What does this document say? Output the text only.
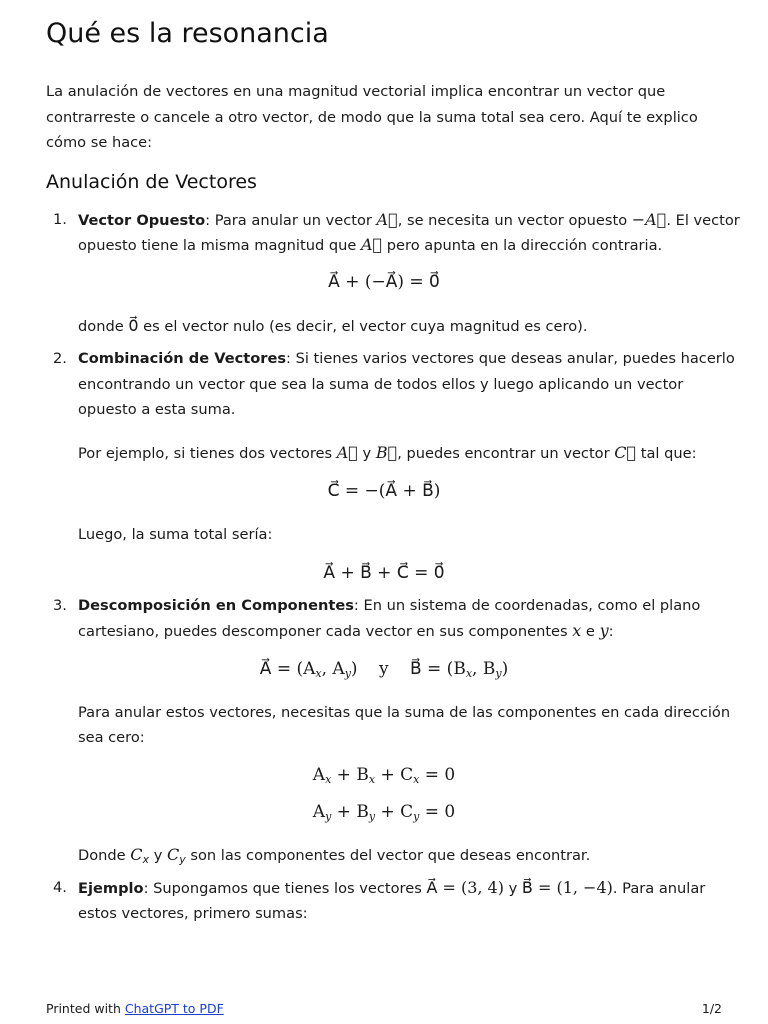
Qué es la resonancia

La anulación de vectores en una magnitud vectorial implica encontrar un vector que contrarreste o cancele a otro vector, de modo que la suma total sea cero. Aquí te explico cómo se hace:

Anulación de Vectores
1. Vector Opuesto: Para anular un vector A⃗, se necesita un vector opuesto −A⃗. El vector
opuesto tiene la misma magnitud que A⃗ pero apunta en la dirección contraria.
A⃗ + (−A⃗) = 0⃗
donde 0⃗ es el vector nulo (es decir, el vector cuya magnitud es cero).
2. Combinación de Vectores: Si tienes varios vectores que deseas anular, puedes hacerlo
encontrando un vector que sea la suma de todos ellos y luego aplicando un vector
opuesto a esta suma.
Por ejemplo, si tienes dos vectores A⃗ y B⃗, puedes encontrar un vector C⃗ tal que:
C⃗ = −(A⃗ + B⃗)
Luego, la suma total sería:
A⃗ + B⃗ + C⃗ = 0⃗
3. Descomposición en Componentes: En un sistema de coordenadas, como el plano
cartesiano, puedes descomponer cada vector en sus componentes x e y:
A⃗ = ($A_x$, $A_y$) y B⃗ = ($B_x$, $B_y$)
Para anular estos vectores, necesitas que la suma de las componentes en cada dirección
sea cero:
$A_x + B_x + C_x = 0$
$A_y + B_y + C_y = 0$
Donde $C_x$ y $C_y$ son las componentes del vector que deseas encontrar.
4. Ejemplo: Supongamos que tienes los vectores A⃗ = (3, 4) y B⃗ = (1, −4). Para anular
estos vectores, primero sumas:
Printed with ChatGPT to PDF	1/2
